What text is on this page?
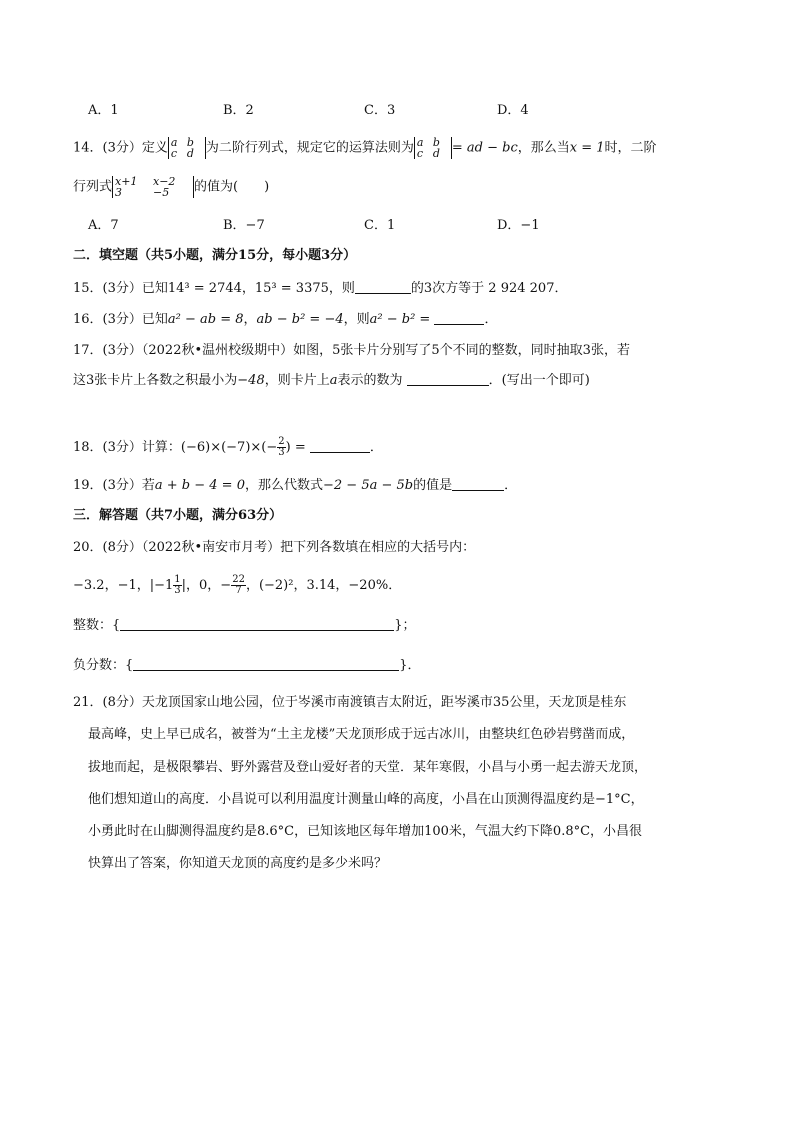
A．1	B．2	C．3	D．4
14．(3分）定义 a b
c d 为二阶行列式，规定它的运算法则为 a b
c d = ad − bc，那么当x = 1时，二阶
行列式 x+1 x−2
3	−5	的值为(　　)
A．7	B．−7	C．1	D．−1
二．填空题（共5小题，满分15分，每小题3分）
15．(3分）已知14³ = 2744，15³ = 3375，则	的3次方等于 2 924 207．
16．(3分）已知a² − ab = 8，ab − b² = −4，则a² − b² =	．
17．(3分）（2022秋•温州校级期中）如图，5张卡片分别写了5个不同的整数，同时抽取3张，若
这3张卡片上各数之积最小为−48，则卡片上a表示的数为	．(写出一个即可)
18．(3分）计算：$(-6)\times(-7)\times(- \frac{2}{3}$ ) =	．
19．(3分）若a + b − 4 = 0，那么代数式−2 − 5a − 5b的值是	．
三．解答题（共7小题，满分63分）
20．(8分）（2022秋•南安市月考）把下列各数填在相应的大括号内：
−3.2，−1，$|-1 \frac{1}{3}$ |，0，− $\frac{22}{7}$ ，(−2)²，3.14，−20%．
整数：{	}；
负分数：{	}．
21．(8分）天龙顶国家山地公园，位于岑溪市南渡镇吉太附近，距岑溪市35公里，天龙顶是桂东
最高峰，史上早已成名，被誉为“土主龙楼”天龙顶形成于远古冰川，由整块红色砂岩劈凿而成，
拔地而起，是极限攀岩、野外露营及登山爱好者的天堂．某年寒假，小昌与小勇一起去游天龙顶，
他们想知道山的高度．小昌说可以利用温度计测量山峰的高度，小昌在山顶测得温度约是−1°C，
小勇此时在山脚测得温度约是8.6°C，已知该地区每年增加100米，气温大约下降0.8°C，小昌很
快算出了答案，你知道天龙顶的高度约是多少米吗？
